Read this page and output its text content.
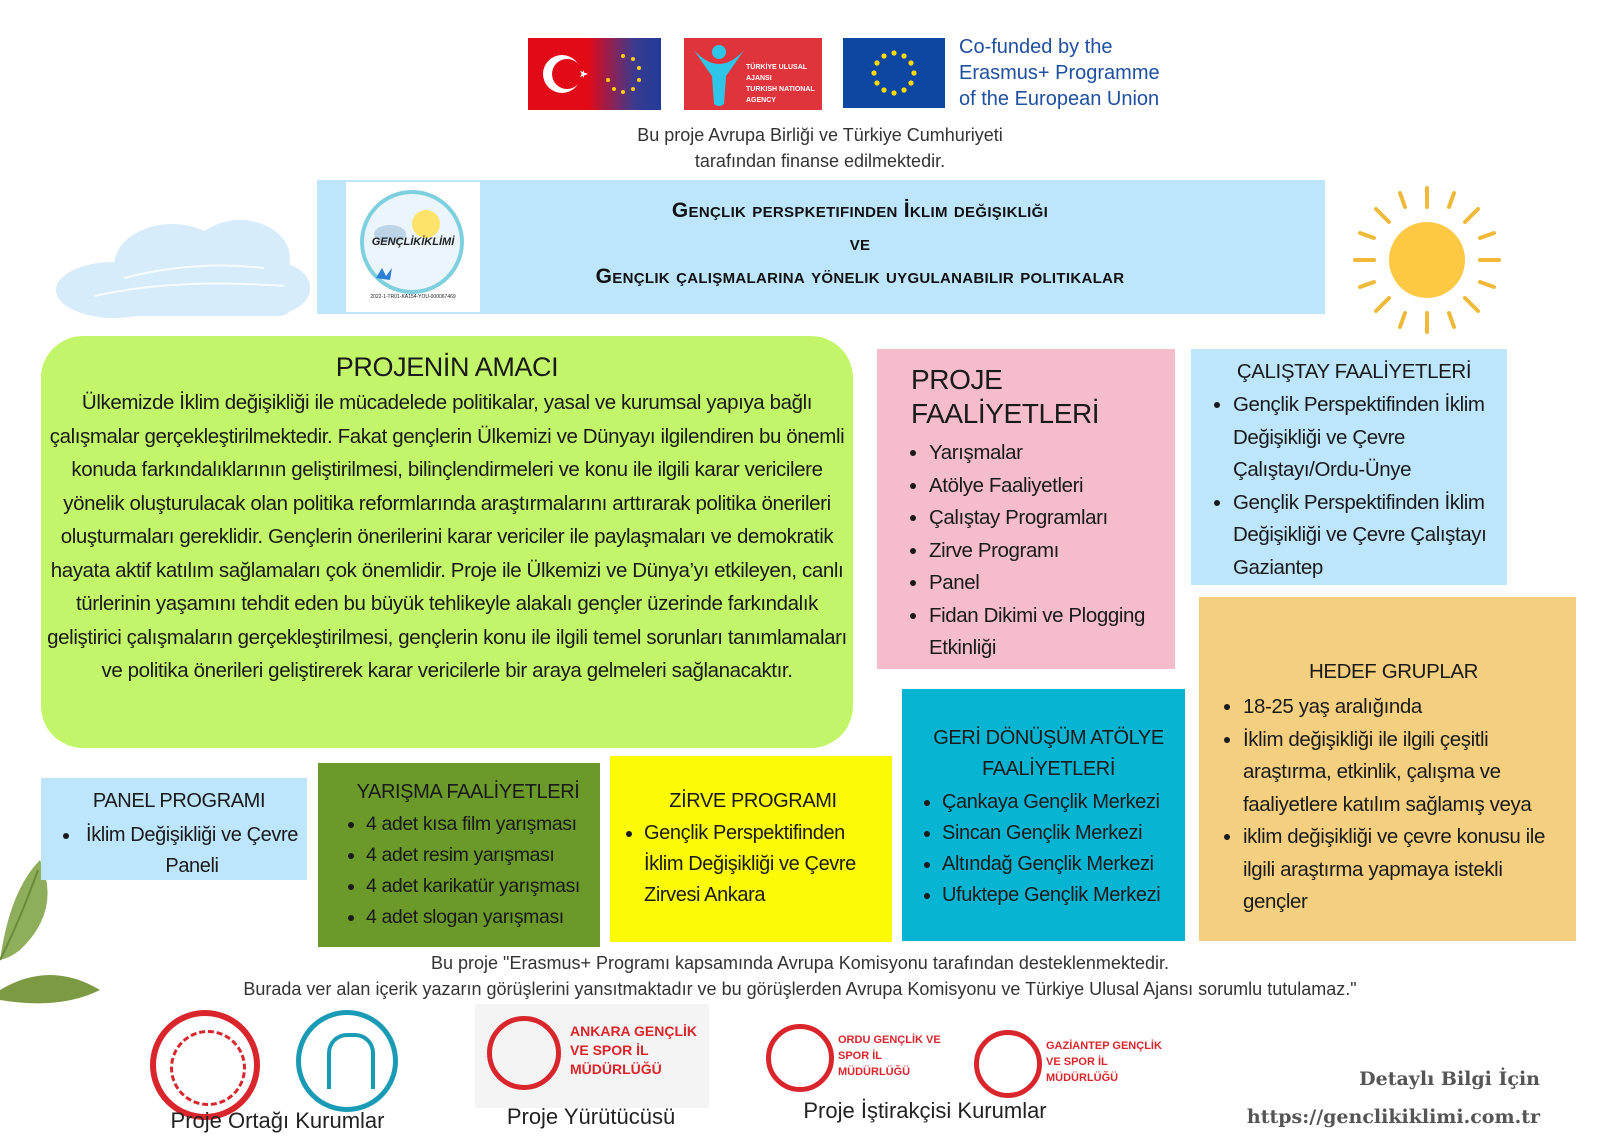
TÜRKİYE ULUSAL AJANSI
TURKISH NATIONAL AGENCY
Co-funded by the
Erasmus+ Programme
of the European Union
Bu proje Avrupa Birliği ve Türkiye Cumhuriyeti
tarafından finanse edilmektedir.
GENÇLİKİKLİMİ
2022-1-TR01-KA154-YOU-000067469
Gençlik perspketifinden İklim değişikliği
ve
Gençlik çalışmalarına yönelik uygulanabilir politikalar
PROJENİN AMACI

Ülkemizde İklim değişikliği ile mücadelede politikalar, yasal ve kurumsal yapıya bağlı çalışmalar gerçekleştirilmektedir. Fakat gençlerin Ülkemizi ve Dünyayı ilgilendiren bu önemli konuda farkındalıklarının geliştirilmesi, bilinçlendirmeleri ve konu ile ilgili karar vericilere yönelik oluşturulacak olan politika reformlarında araştırmalarını arttırarak politika önerileri oluşturmaları gereklidir. Gençlerin önerilerini karar vericiler ile paylaşmaları ve demokratik hayata aktif katılım sağlamaları çok önemlidir. Proje ile Ülkemizi ve Dünya’yı etkileyen, canlı türlerinin yaşamını tehdit eden bu büyük tehlikeyle alakalı gençler üzerinde farkındalık geliştirici çalışmaların gerçekleştirilmesi, gençlerin konu ile ilgili temel sorunları tanımlamaları ve politika önerileri geliştirerek karar vericilerle bir araya gelmeleri sağlanacaktır.

PROJE FAALİYETLERİ
• Yarışmalar
• Atölye Faaliyetleri
• Çalıştay Programları
• Zirve Programı
• Panel
• Fidan Dikimi ve Plogging Etkinliği
ÇALIŞTAY FAALİYETLERİ
• Gençlik Perspektifinden İklim Değişikliği ve Çevre Çalıştayı/Ordu-Ünye
• Gençlik Perspektifinden İklim Değişikliği ve Çevre Çalıştayı Gaziantep
HEDEF GRUPLAR
• 18-25 yaş aralığında
• İklim değişikliği ile ilgili çeşitli araştırma, etkinlik, çalışma ve faaliyetlere katılım sağlamış veya
• iklim değişikliği ve çevre konusu ile ilgili araştırma yapmaya istekli gençler
GERİ DÖNÜŞÜM ATÖLYE FAALİYETLERİ
• Çankaya Gençlik Merkezi
• Sincan Gençlik Merkezi
• Altındağ Gençlik Merkezi
• Ufuktepe Gençlik Merkezi
PANEL PROGRAMI
• İklim Değişikliği ve Çevre Paneli
YARIŞMA FAALİYETLERİ
• 4 adet kısa film yarışması
• 4 adet resim yarışması
• 4 adet karikatür yarışması
• 4 adet slogan yarışması
ZİRVE PROGRAMI
• Gençlik Perspektifinden İklim Değişikliği ve Çevre Zirvesi Ankara
Bu proje "Erasmus+ Programı kapsamında Avrupa Komisyonu tarafından desteklenmektedir.
Burada ver alan içerik yazarın görüşlerini yansıtmaktadır ve bu görüşlerden Avrupa Komisyonu ve Türkiye Ulusal Ajansı sorumlu tutulamaz."
ANKARA GENÇLİK VE SPOR İL MÜDÜRLÜĞÜ
ORDU GENÇLİK VE SPOR İL MÜDÜRLÜĞÜ
GAZİANTEP GENÇLİK VE SPOR İL MÜDÜRLÜĞÜ
Proje Ortağı Kurumlar	Proje Yürütücüsü	Proje İştirakçisi Kurumlar
Detaylı Bilgi İçin
https://genclikiklimi.com.tr
